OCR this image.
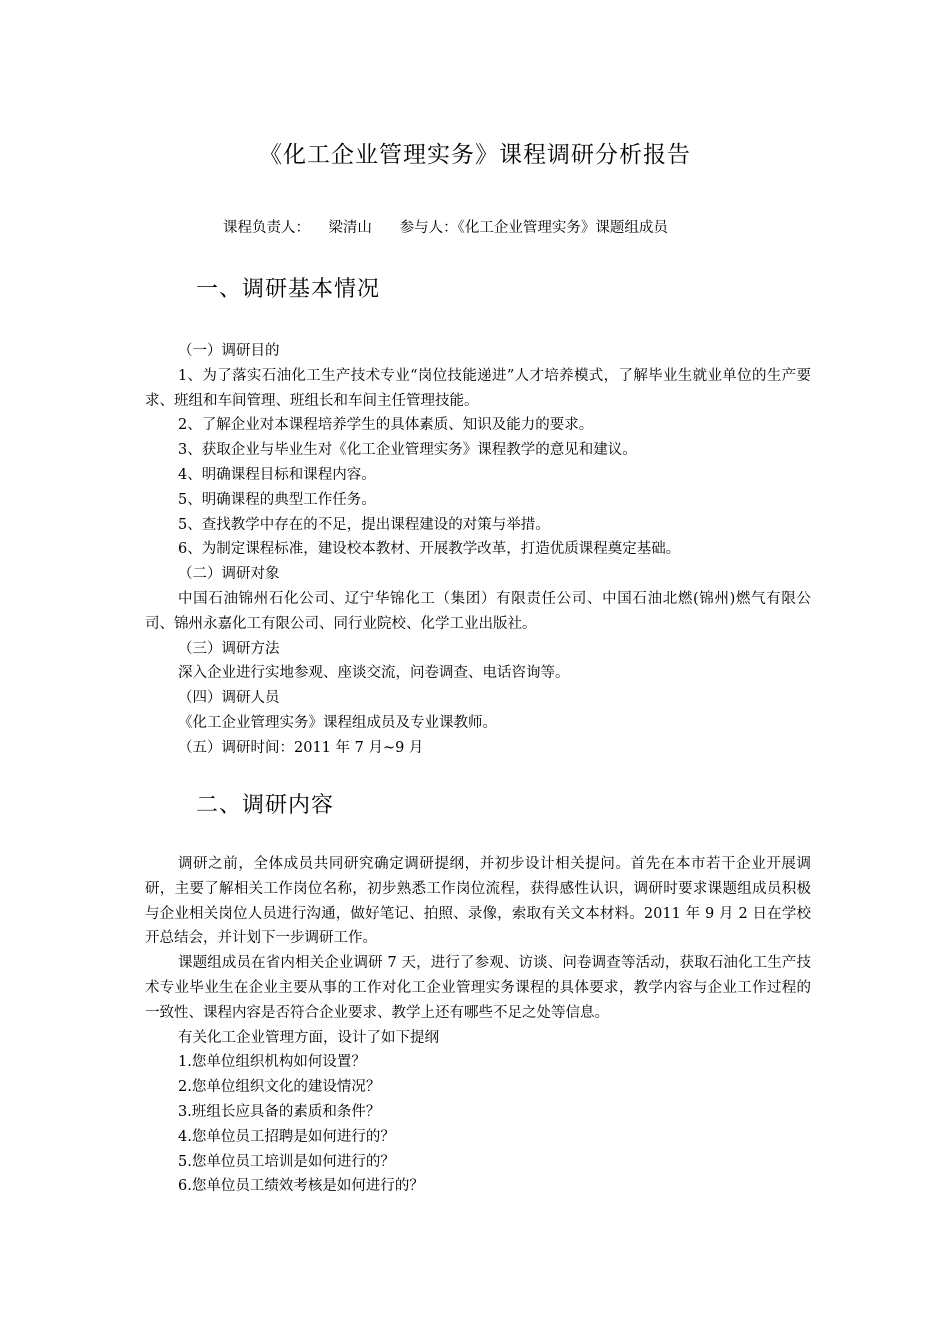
《化工企业管理实务》课程调研分析报告
课程负责人：    梁清山      参与人：《化工企业管理实务》课题组成员
一、调研基本情况

（一）调研目的

1、为了落实石油化工生产技术专业“岗位技能递进”人才培养模式，了解毕业生就业单位的生产要求、班组和车间管理、班组长和车间主任管理技能。

2、了解企业对本课程培养学生的具体素质、知识及能力的要求。

3、获取企业与毕业生对《化工企业管理实务》课程教学的意见和建议。

4、明确课程目标和课程内容。

5、明确课程的典型工作任务。

5、查找教学中存在的不足，提出课程建设的对策与举措。

6、为制定课程标准，建设校本教材、开展教学改革，打造优质课程奠定基础。

（二）调研对象

中国石油锦州石化公司、辽宁华锦化工（集团）有限责任公司、中国石油北燃(锦州)燃气有限公司、锦州永嘉化工有限公司、同行业院校、化学工业出版社。

（三）调研方法

深入企业进行实地参观、座谈交流，问卷调查、电话咨询等。

（四）调研人员

《化工企业管理实务》课程组成员及专业课教师。

（五）调研时间：2011 年 7 月~9 月

二、调研内容

调研之前，全体成员共同研究确定调研提纲，并初步设计相关提问。首先在本市若干企业开展调研，主要了解相关工作岗位名称，初步熟悉工作岗位流程，获得感性认识，调研时要求课题组成员积极与企业相关岗位人员进行沟通，做好笔记、拍照、录像，索取有关文本材料。2011 年 9 月 2 日在学校开总结会，并计划下一步调研工作。

课题组成员在省内相关企业调研 7 天，进行了参观、访谈、问卷调查等活动，获取石油化工生产技术专业毕业生在企业主要从事的工作对化工企业管理实务课程的具体要求，教学内容与企业工作过程的一致性、课程内容是否符合企业要求、教学上还有哪些不足之处等信息。

有关化工企业管理方面，设计了如下提纲

1.您单位组织机构如何设置？

2.您单位组织文化的建设情况？

3.班组长应具备的素质和条件？

4.您单位员工招聘是如何进行的？

5.您单位员工培训是如何进行的？

6.您单位员工绩效考核是如何进行的？
